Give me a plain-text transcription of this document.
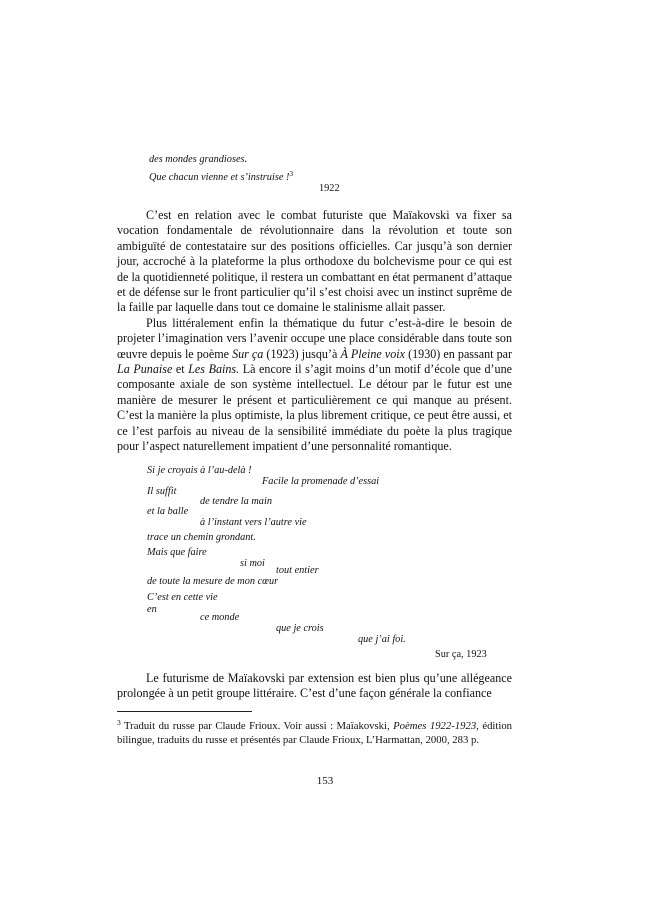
des mondes grandioses.
Que chacun vienne et s’instruise !$^3$
1922

C’est en relation avec le combat futuriste que Maïakovski va fixer sa vocation fondamentale de révolutionnaire dans la révolution et toute son ambiguïté de contestataire sur des positions officielles. Car jusqu’à son dernier jour, accroché à la plateforme la plus orthodoxe du bolchevisme pour ce qui est de la quotidienneté politique, il restera un combattant en état permanent d’attaque et de défense sur le front particulier qu’il s’est choisi avec un instinct suprême de la faille par laquelle dans tout ce domaine le stalinisme allait passer.

Plus littéralement enfin la thématique du futur c’est-à-dire le besoin de projeter l’imagination vers l’avenir occupe une place considérable dans toute son œuvre depuis le poème Sur ça (1923) jusqu’à À Pleine voix (1930) en passant par La Punaise et Les Bains. Là encore il s’agit moins d’un motif d’école que d’une composante axiale de son système intellectuel. Le détour par le futur est une manière de mesurer le présent et particulièrement ce qui manque au présent. C’est la manière la plus optimiste, la plus librement critique, ce peut être aussi, et ce l’est parfois au niveau de la sensibilité immédiate du poète la plus tragique pour l’aspect naturellement impatient d’une personnalité romantique.

Si je croyais à l’au-delà !
Facile la promenade d’essai
Il suffit
de tendre la main
et la balle
à l’instant vers l’autre vie
trace un chemin grondant.
Mais que faire
si moi
tout entier
de toute la mesure de mon cœur
C’est en cette vie
en
ce monde
que je crois
que j’ai foi.
Sur ça, 1923

Le futurisme de Maïakovski par extension est bien plus qu’une allégeance prolongée à un petit groupe littéraire. C’est d’une façon générale la confiance

$^3$ Traduit du russe par Claude Frioux. Voir aussi : Maïakovski, Poèmes 1922-1923, édition bilingue, traduits du russe et présentés par Claude Frioux, L’Harmattan, 2000, 283 p.
153
